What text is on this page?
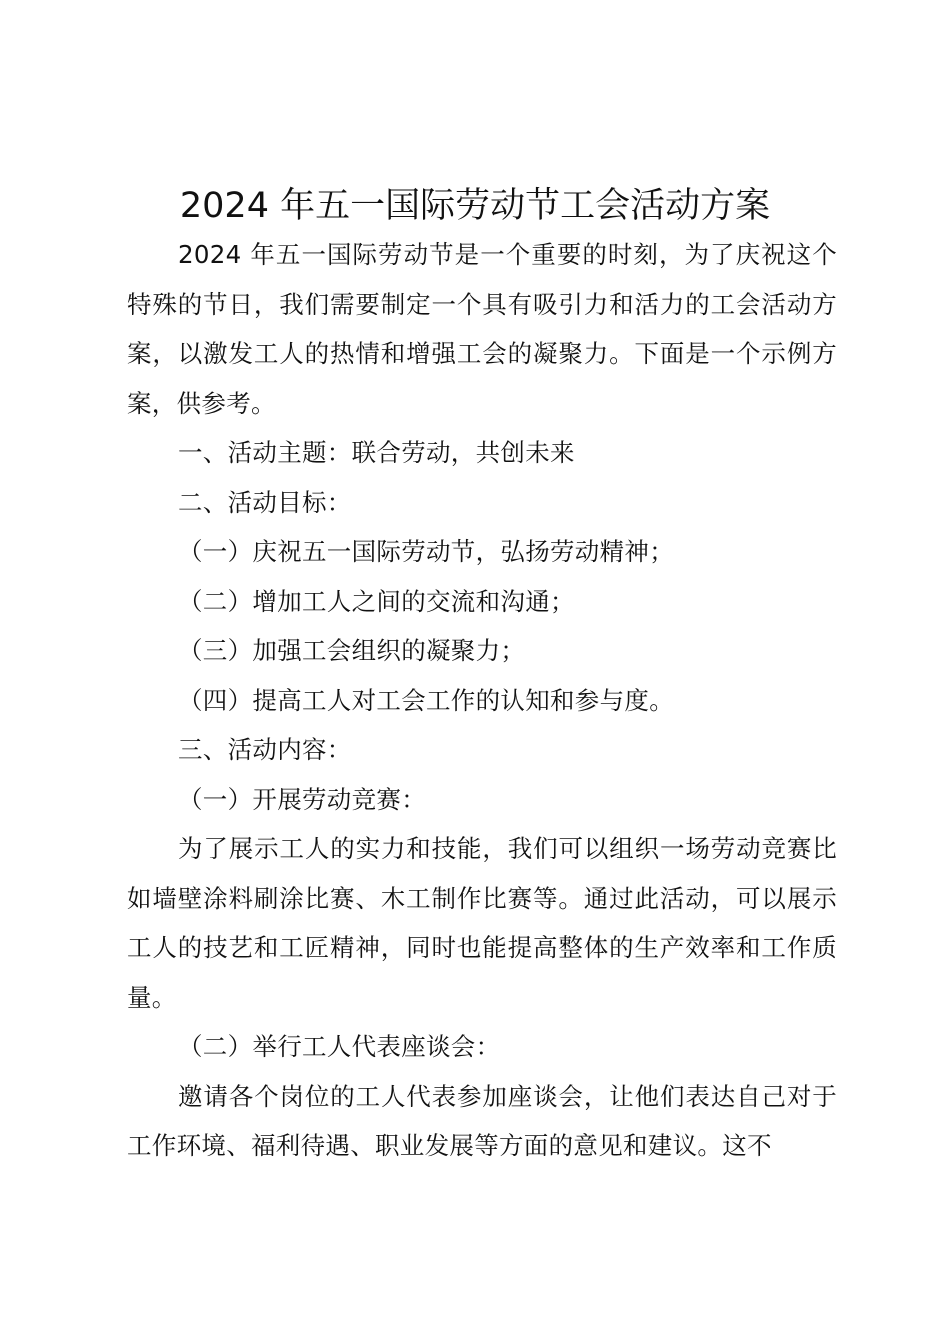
2024 年五一国际劳动节工会活动方案

2024 年五一国际劳动节是一个重要的时刻，为了庆祝这个特殊的节日，我们需要制定一个具有吸引力和活力的工会活动方案，以激发工人的热情和增强工会的凝聚力。下面是一个示例方案，供参考。

一、活动主题：联合劳动，共创未来

二、活动目标：

（一）庆祝五一国际劳动节，弘扬劳动精神；

（二）增加工人之间的交流和沟通；

（三）加强工会组织的凝聚力；

（四）提高工人对工会工作的认知和参与度。

三、活动内容：

（一）开展劳动竞赛：

为了展示工人的实力和技能，我们可以组织一场劳动竞赛比如墙壁涂料刷涂比赛、木工制作比赛等。通过此活动，可以展示工人的技艺和工匠精神，同时也能提高整体的生产效率和工作质量。

（二）举行工人代表座谈会：

邀请各个岗位的工人代表参加座谈会，让他们表达自己对于工作环境、福利待遇、职业发展等方面的意见和建议。这不
